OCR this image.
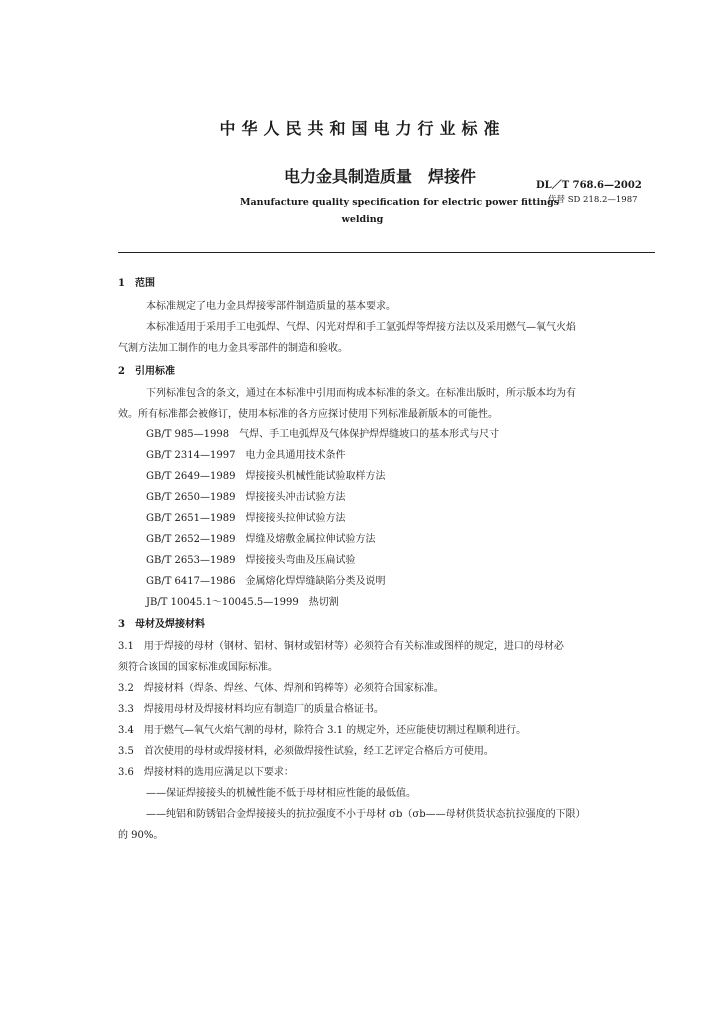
中华人民共和国电力行业标准
电力金具制造质量　焊接件	DL／T 768.6—2002
代替 SD 218.2—1987
Manufacture quality specification for electric power fittings
welding
1　范围
本标准规定了电力金具焊接零部件制造质量的基本要求。
本标准适用于采用手工电弧焊、气焊、闪光对焊和手工氩弧焊等焊接方法以及采用燃气—氧气火焰
气割方法加工制作的电力金具零部件的制造和验收。
2　引用标准
下列标准包含的条文，通过在本标准中引用而构成本标准的条文。在标准出版时，所示版本均为有
效。所有标准都会被修订，使用本标准的各方应探讨使用下列标准最新版本的可能性。
GB/T 985—1998　气焊、手工电弧焊及气体保护焊焊缝坡口的基本形式与尺寸
GB/T 2314—1997　电力金具通用技术条件
GB/T 2649—1989　焊接接头机械性能试验取样方法
GB/T 2650—1989　焊接接头冲击试验方法
GB/T 2651—1989　焊接接头拉伸试验方法
GB/T 2652—1989　焊缝及熔敷金属拉伸试验方法
GB/T 2653—1989　焊接接头弯曲及压扁试验
GB/T 6417—1986　金属熔化焊焊缝缺陷分类及说明
JB/T 10045.1～10045.5—1999　热切割
3　母材及焊接材料
3.1　用于焊接的母材（钢材、铝材、铜材或铝材等）必须符合有关标准或图样的规定，进口的母材必
须符合该国的国家标准或国际标准。
3.2　焊接材料（焊条、焊丝、气体、焊剂和钨棒等）必须符合国家标准。
3.3　焊接用母材及焊接材料均应有制造厂的质量合格证书。
3.4　用于燃气—氧气火焰气割的母材，除符合 3.1 的规定外，还应能使切割过程顺利进行。
3.5　首次使用的母材或焊接材料，必须做焊接性试验，经工艺评定合格后方可使用。
3.6　焊接材料的选用应满足以下要求：
——保证焊接接头的机械性能不低于母材相应性能的最低值。
——纯铝和防锈铝合金焊接接头的抗拉强度不小于母材 σb（σb——母材供货状态抗拉强度的下限）
的 90%。
